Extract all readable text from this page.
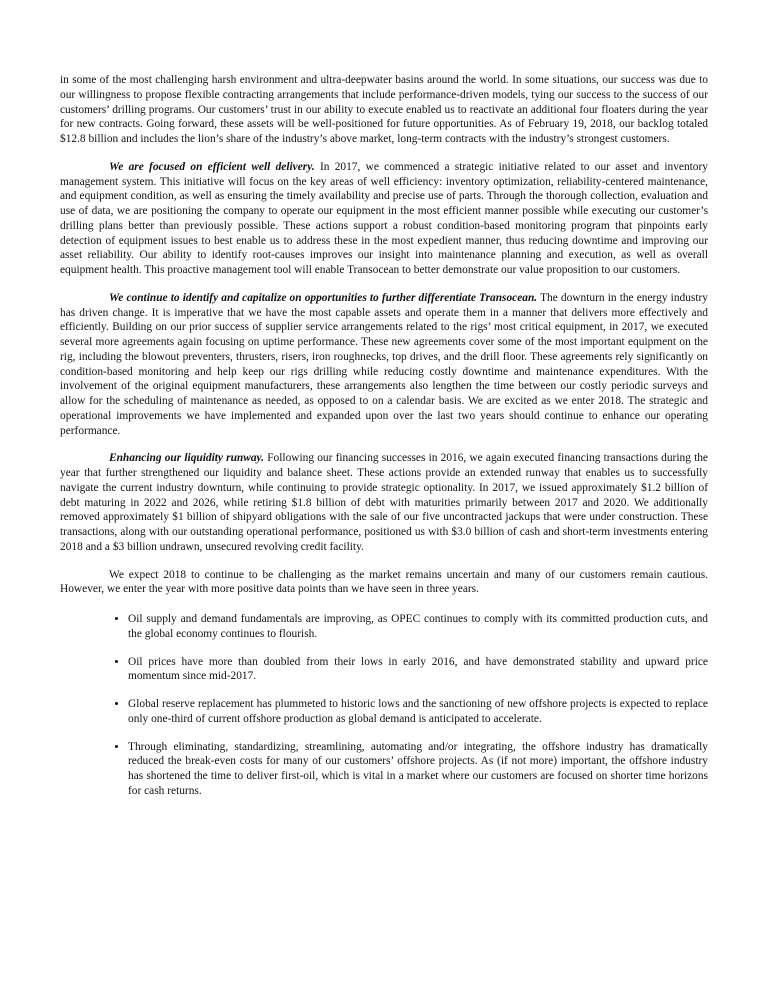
in some of the most challenging harsh environment and ultra-deepwater basins around the world. In some situations, our success was due to our willingness to propose flexible contracting arrangements that include performance-driven models, tying our success to the success of our customers’ drilling programs. Our customers’ trust in our ability to execute enabled us to reactivate an additional four floaters during the year for new contracts. Going forward, these assets will be well-positioned for future opportunities. As of February 19, 2018, our backlog totaled $12.8 billion and includes the lion’s share of the industry’s above market, long-term contracts with the industry’s strongest customers.

We are focused on efficient well delivery. In 2017, we commenced a strategic initiative related to our asset and inventory management system. This initiative will focus on the key areas of well efficiency: inventory optimization, reliability-centered maintenance, and equipment condition, as well as ensuring the timely availability and precise use of parts. Through the thorough collection, evaluation and use of data, we are positioning the company to operate our equipment in the most efficient manner possible while executing our customer’s drilling plans better than previously possible. These actions support a robust condition-based monitoring program that pinpoints early detection of equipment issues to best enable us to address these in the most expedient manner, thus reducing downtime and improving our asset reliability. Our ability to identify root-causes improves our insight into maintenance planning and execution, as well as overall equipment health. This proactive management tool will enable Transocean to better demonstrate our value proposition to our customers.

We continue to identify and capitalize on opportunities to further differentiate Transocean. The downturn in the energy industry has driven change. It is imperative that we have the most capable assets and operate them in a manner that delivers more effectively and efficiently. Building on our prior success of supplier service arrangements related to the rigs’ most critical equipment, in 2017, we executed several more agreements again focusing on uptime performance. These new agreements cover some of the most important equipment on the rig, including the blowout preventers, thrusters, risers, iron roughnecks, top drives, and the drill floor. These agreements rely significantly on condition-based monitoring and help keep our rigs drilling while reducing costly downtime and maintenance expenditures. With the involvement of the original equipment manufacturers, these arrangements also lengthen the time between our costly periodic surveys and allow for the scheduling of maintenance as needed, as opposed to on a calendar basis. We are excited as we enter 2018. The strategic and operational improvements we have implemented and expanded upon over the last two years should continue to enhance our operating performance.

Enhancing our liquidity runway. Following our financing successes in 2016, we again executed financing transactions during the year that further strengthened our liquidity and balance sheet. These actions provide an extended runway that enables us to successfully navigate the current industry downturn, while continuing to provide strategic optionality. In 2017, we issued approximately $1.2 billion of debt maturing in 2022 and 2026, while retiring $1.8 billion of debt with maturities primarily between 2017 and 2020. We additionally removed approximately $1 billion of shipyard obligations with the sale of our five uncontracted jackups that were under construction. These transactions, along with our outstanding operational performance, positioned us with $3.0 billion of cash and short-term investments entering 2018 and a $3 billion undrawn, unsecured revolving credit facility.

We expect 2018 to continue to be challenging as the market remains uncertain and many of our customers remain cautious. However, we enter the year with more positive data points than we have seen in three years.

• Oil supply and demand fundamentals are improving, as OPEC continues to comply with its committed production cuts, and the global economy continues to flourish.
• Oil prices have more than doubled from their lows in early 2016, and have demonstrated stability and upward price momentum since mid-2017.
• Global reserve replacement has plummeted to historic lows and the sanctioning of new offshore projects is expected to replace only one-third of current offshore production as global demand is anticipated to accelerate.
• Through eliminating, standardizing, streamlining, automating and/or integrating, the offshore industry has dramatically reduced the break-even costs for many of our customers’ offshore projects. As (if not more) important, the offshore industry has shortened the time to deliver first-oil, which is vital in a market where our customers are focused on shorter time horizons for cash returns.
